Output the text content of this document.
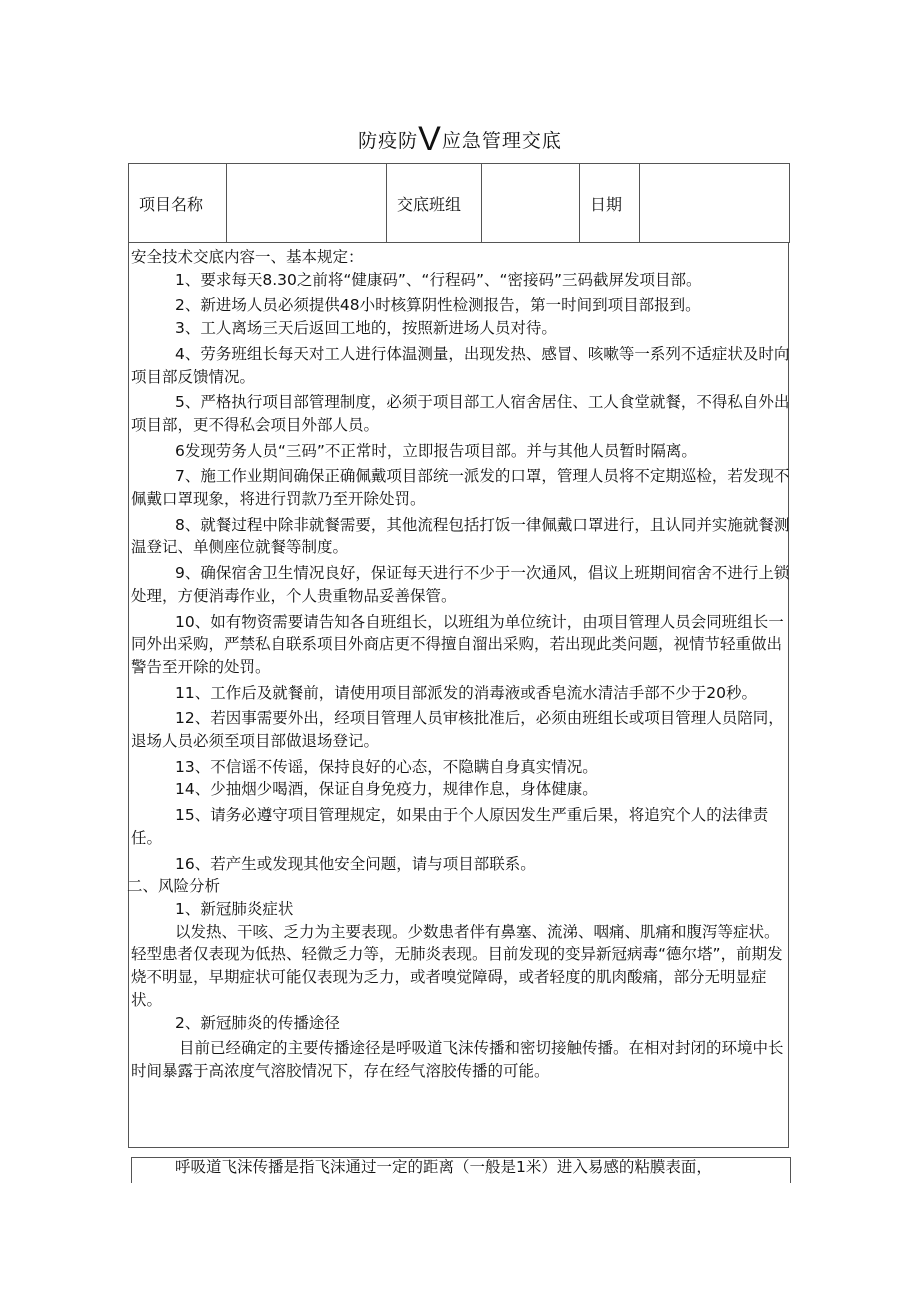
防疫防V应急管理交底
项目名称		交底班组		日期	

安全技术交底内容一、基本规定：

1、要求每天8.30之前将“健康码”、“行程码”、“密接码”三码截屏发项目部。

2、新进场人员必须提供48小时核算阴性检测报告，第一时间到项目部报到。

3、工人离场三天后返回工地的，按照新进场人员对待。

4、劳务班组长每天对工人进行体温测量，出现发热、感冒、咳嗽等一系列不适症状及时向项目部反馈情况。

5、严格执行项目部管理制度，必须于项目部工人宿舍居住、工人食堂就餐，不得私自外出项目部，更不得私会项目外部人员。

6发现劳务人员“三码”不正常时，立即报告项目部。并与其他人员暂时隔离。

7、施工作业期间确保正确佩戴项目部统一派发的口罩，管理人员将不定期巡检，若发现不佩戴口罩现象，将进行罚款乃至开除处罚。

8、就餐过程中除非就餐需要，其他流程包括打饭一律佩戴口罩进行，且认同并实施就餐测温登记、单侧座位就餐等制度。

9、确保宿舍卫生情况良好，保证每天进行不少于一次通风，倡议上班期间宿舍不进行上锁处理，方便消毒作业，个人贵重物品妥善保管。

10、如有物资需要请告知各自班组长，以班组为单位统计，由项目管理人员会同班组长一同外出采购，严禁私自联系项目外商店更不得擅自溜出采购，若出现此类问题，视情节轻重做出警告至开除的处罚。

11、工作后及就餐前，请使用项目部派发的消毒液或香皂流水清洁手部不少于20秒。

12、若因事需要外出，经项目管理人员审核批准后，必须由班组长或项目管理人员陪同，退场人员必须至项目部做退场登记。

13、不信谣不传谣，保持良好的心态，不隐瞒自身真实情况。

14、少抽烟少喝酒，保证自身免疫力，规律作息，身体健康。

15、请务必遵守项目管理规定，如果由于个人原因发生严重后果，将追究个人的法律责任。

16、若产生或发现其他安全问题，请与项目部联系。

二、风险分析

1、新冠肺炎症状

以发热、干咳、乏力为主要表现。少数患者伴有鼻塞、流涕、咽痛、肌痛和腹泻等症状。轻型患者仅表现为低热、轻微乏力等，无肺炎表现。目前发现的变异新冠病毒“德尔塔”，前期发烧不明显，早期症状可能仅表现为乏力，或者嗅觉障碍，或者轻度的肌肉酸痛，部分无明显症状。

2、新冠肺炎的传播途径

目前已经确定的主要传播途径是呼吸道飞沫传播和密切接触传播。在相对封闭的环境中长时间暴露于高浓度气溶胶情况下，存在经气溶胶传播的可能。

呼吸道飞沫传播是指飞沫通过一定的距离（一般是1米）进入易感的粘膜表面，
